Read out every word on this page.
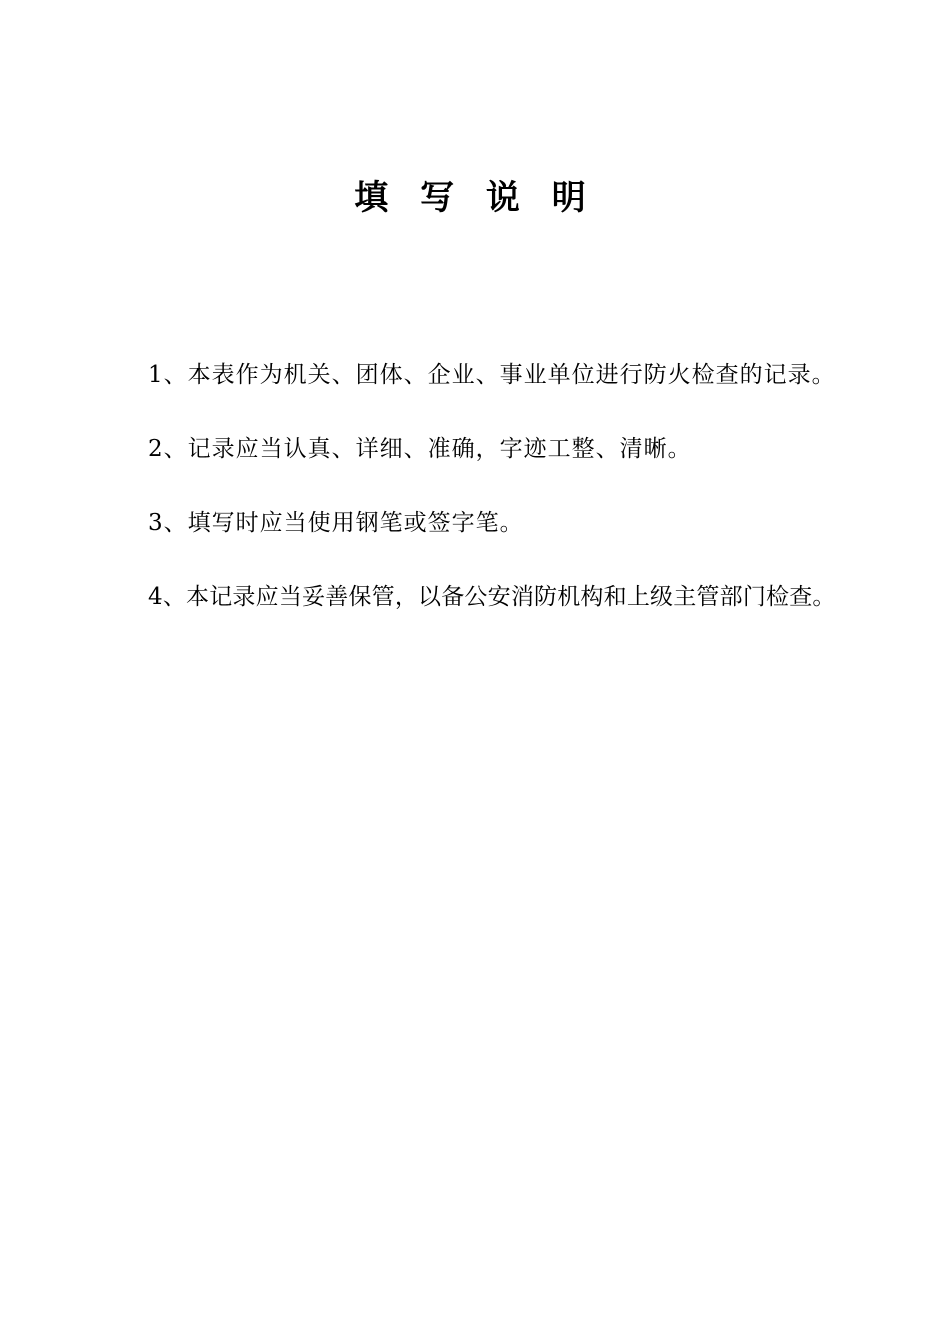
填 写 说 明
1、本表作为机关、团体、企业、事业单位进行防火检查的记录。
2、记录应当认真、详细、准确，字迹工整、清晰。
3、填写时应当使用钢笔或签字笔。
4、本记录应当妥善保管，以备公安消防机构和上级主管部门检查。
